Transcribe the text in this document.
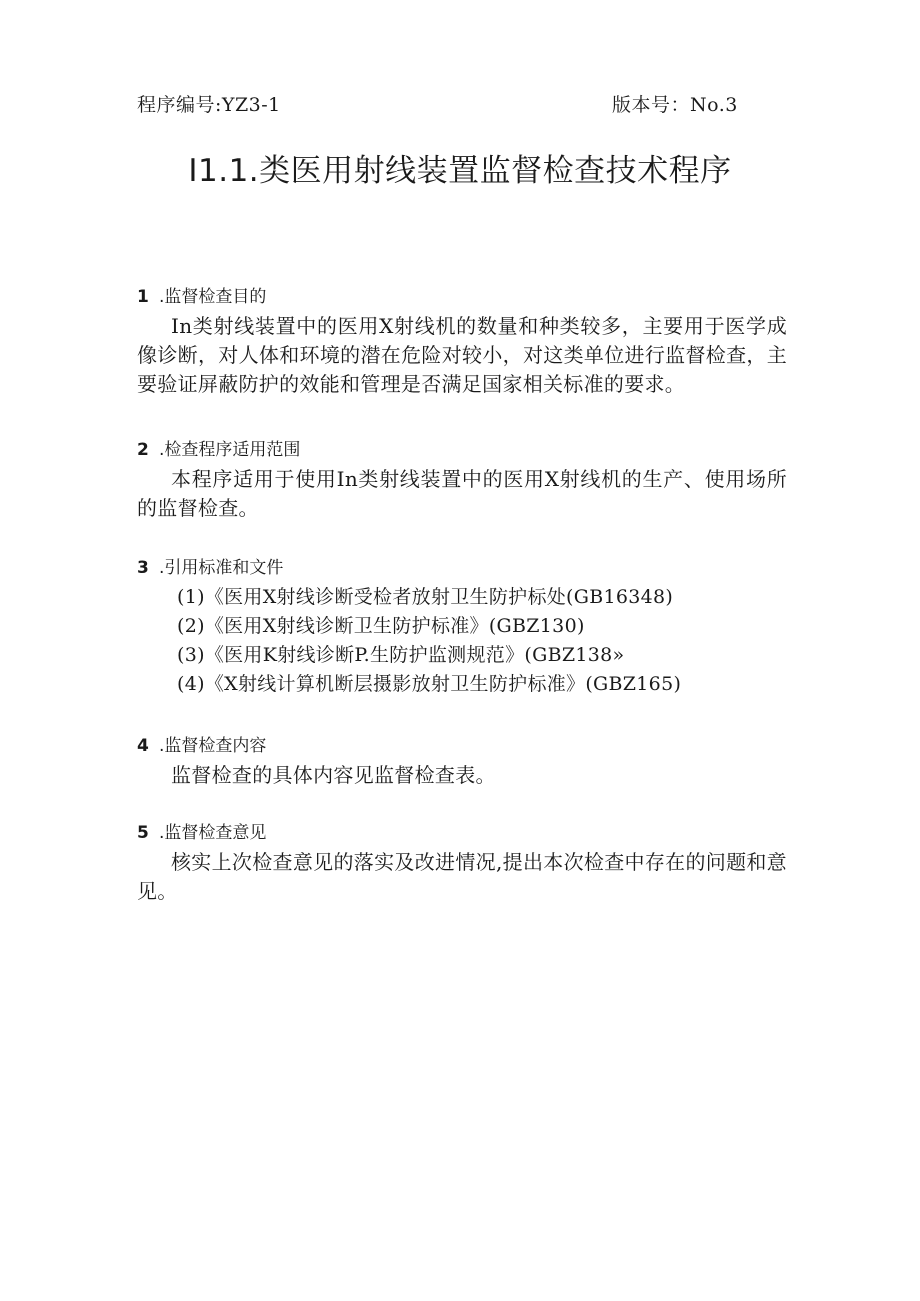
程序编号:YZ3-1	版本号：No.3
I1.1.类医用射线装置监督检查技术程序
1 .监督检查目的

In类射线装置中的医用X射线机的数量和种类较多，主要用于医学成像诊断，对人体和环境的潜在危险对较小，对这类单位进行监督检查，主要验证屏蔽防护的效能和管理是否满足国家相关标准的要求。

2 .检查程序适用范围

本程序适用于使用In类射线装置中的医用X射线机的生产、使用场所的监督检查。

3 .引用标准和文件
(1)《医用X射线诊断受检者放射卫生防护标处(GB16348)
(2)《医用X射线诊断卫生防护标准》(GBZ130)
(3)《医用K射线诊断P.生防护监测规范》(GBZ138»
(4)《X射线计算机断层摄影放射卫生防护标准》(GBZ165)
4 .监督检查内容

监督检查的具体内容见监督检查表。

5 .监督检查意见

核实上次检查意见的落实及改进情况,提出本次检查中存在的问题和意见。
